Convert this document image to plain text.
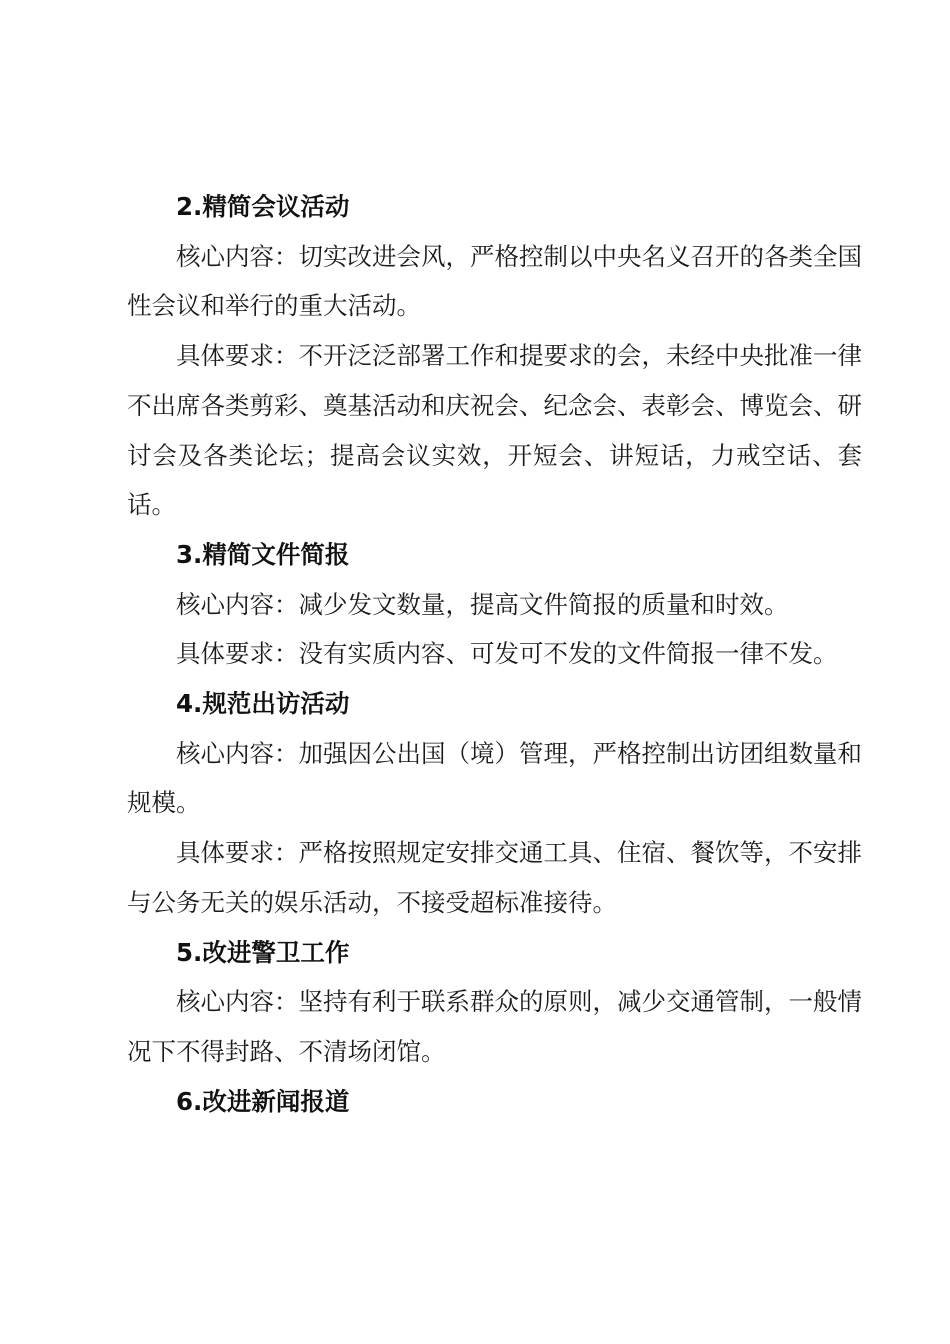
2.精简会议活动

核心内容：切实改进会风，严格控制以中央名义召开的各类全国性会议和举行的重大活动。

具体要求：不开泛泛部署工作和提要求的会，未经中央批准一律不出席各类剪彩、奠基活动和庆祝会、纪念会、表彰会、博览会、研讨会及各类论坛；提高会议实效，开短会、讲短话，力戒空话、套话。

3.精简文件简报

核心内容：减少发文数量，提高文件简报的质量和时效。

具体要求：没有实质内容、可发可不发的文件简报一律不发。

4.规范出访活动

核心内容：加强因公出国（境）管理，严格控制出访团组数量和规模。

具体要求：严格按照规定安排交通工具、住宿、餐饮等，不安排与公务无关的娱乐活动，不接受超标准接待。

5.改进警卫工作

核心内容：坚持有利于联系群众的原则，减少交通管制，一般情况下不得封路、不清场闭馆。

6.改进新闻报道
